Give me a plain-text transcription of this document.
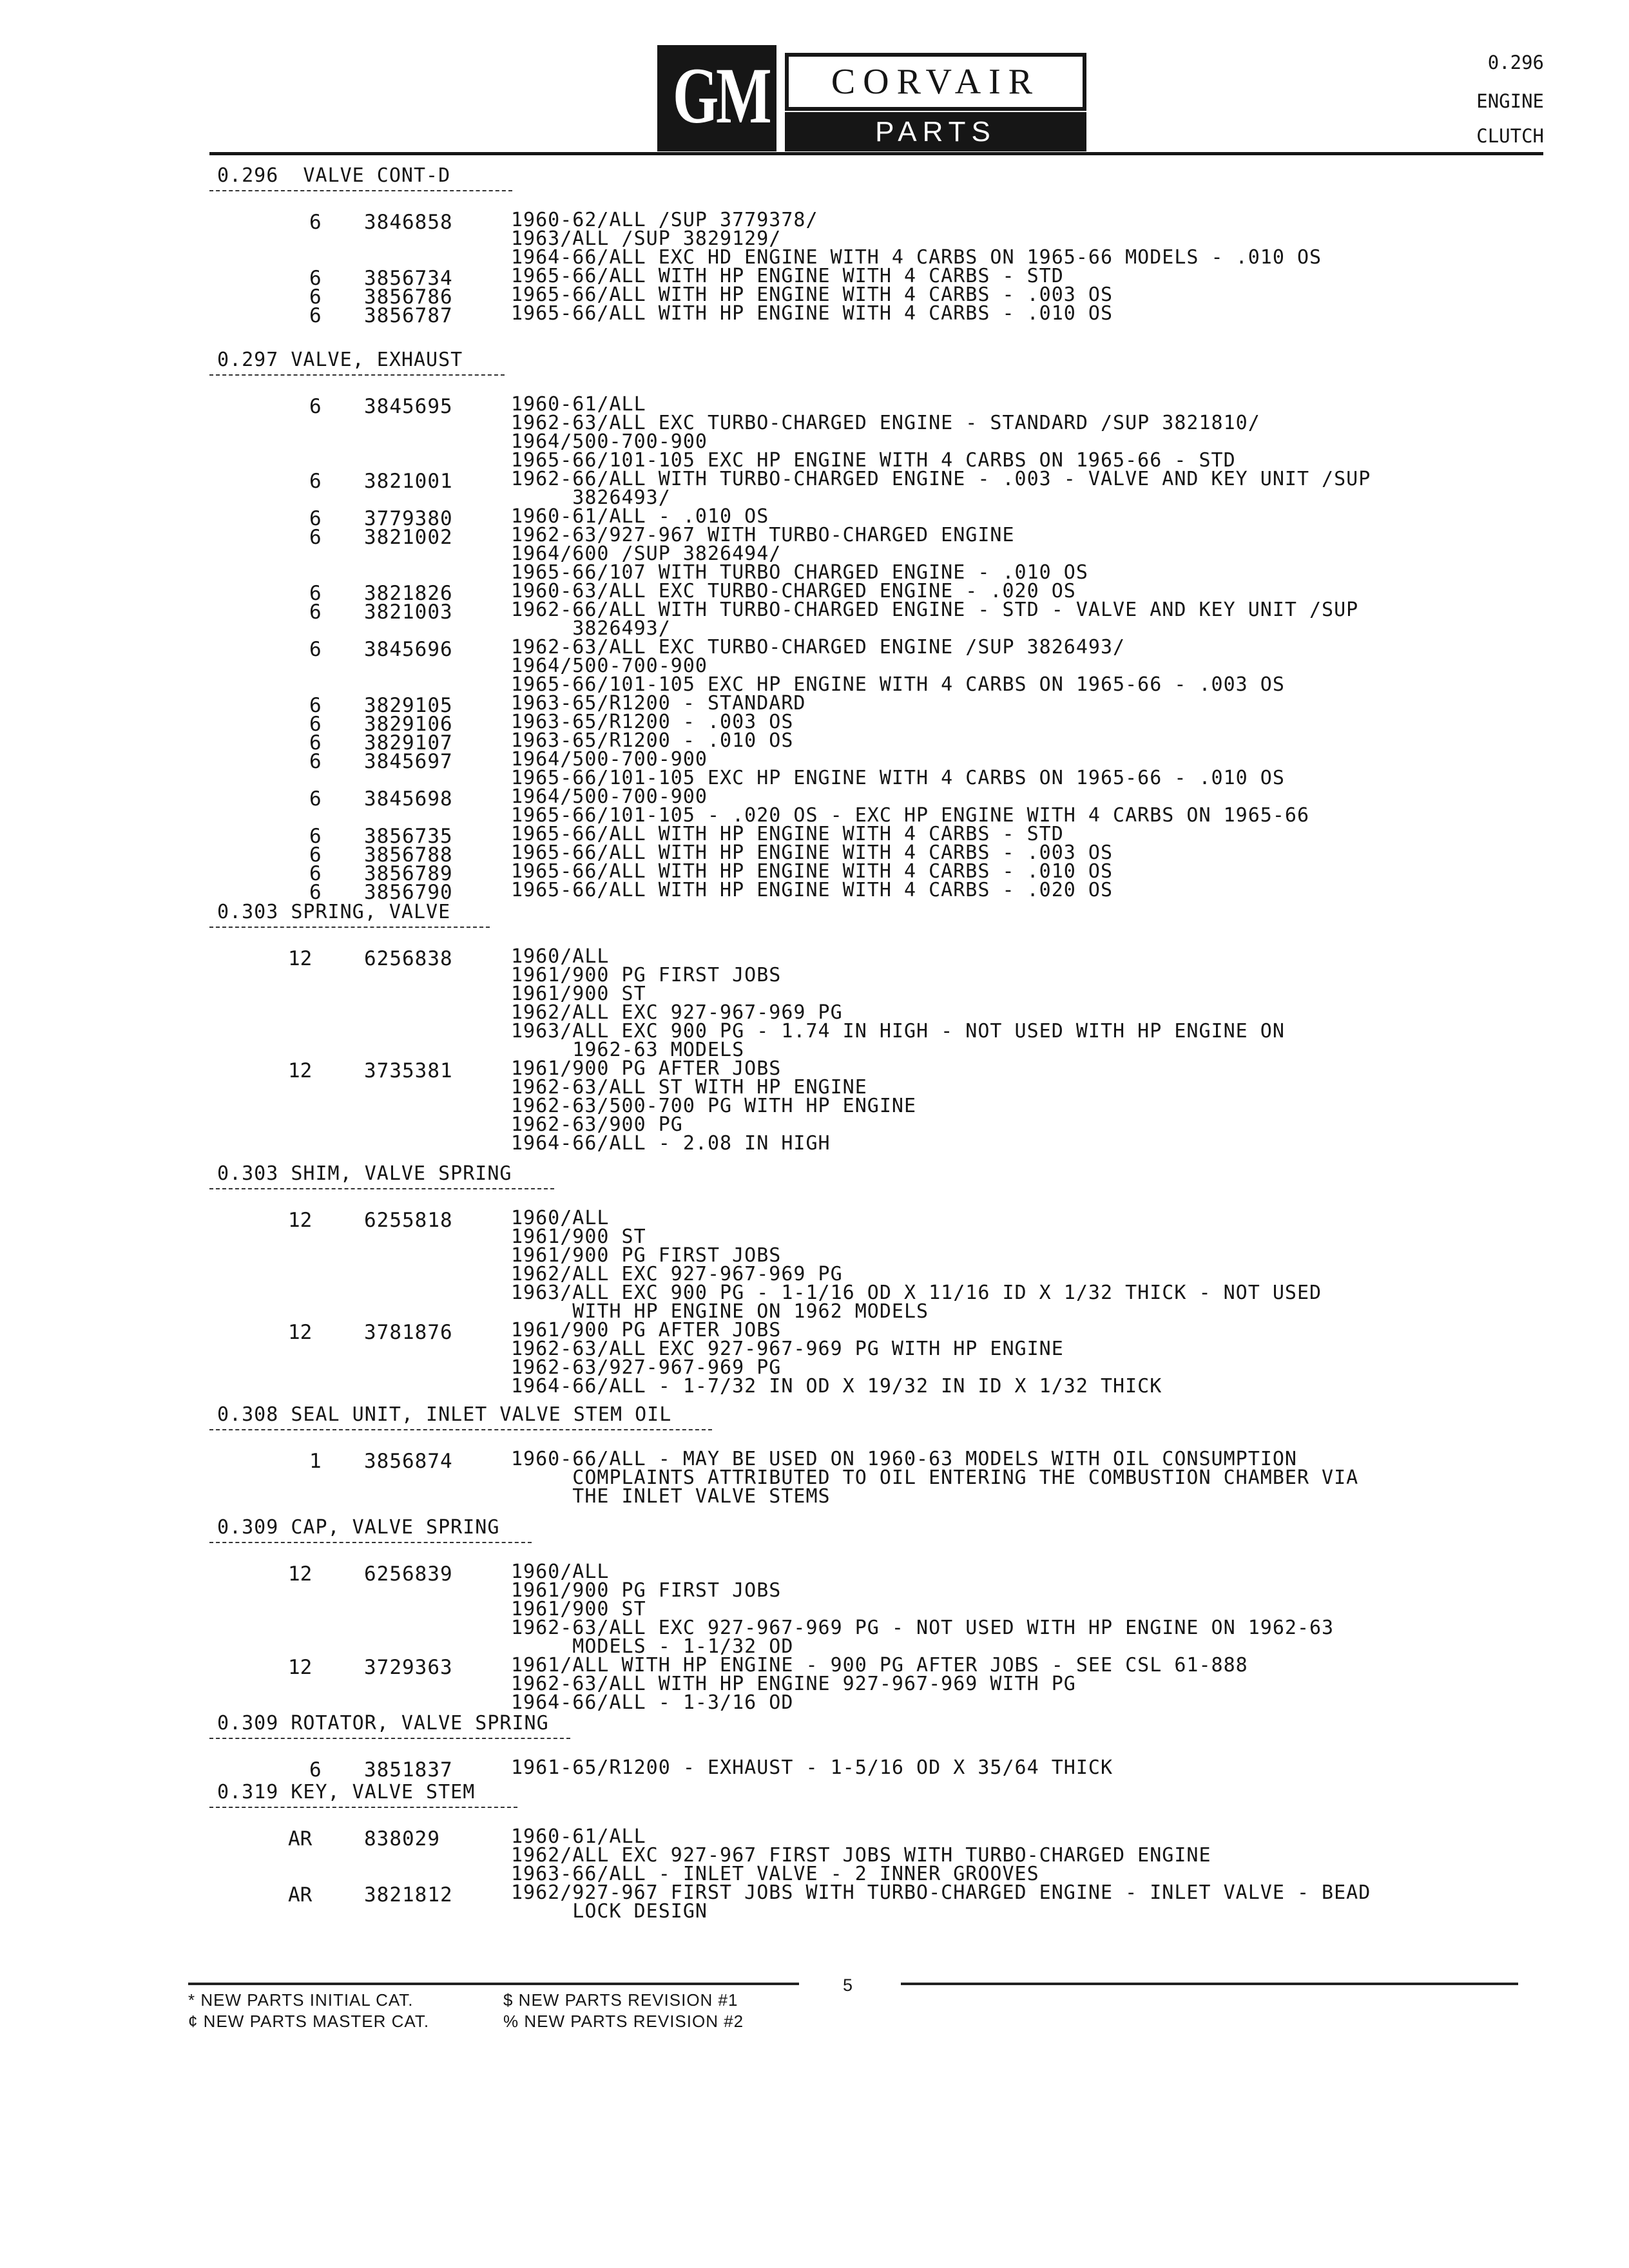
GM	CORVAIR
PARTS CATALOGUE
0.296
ENGINE
CLUTCH
0.296  VALVE CONT-D
6 3846858	1960-62/ALL /SUP 3779378/
1963/ALL /SUP 3829129/
1964-66/ALL EXC HD ENGINE WITH 4 CARBS ON 1965-66 MODELS - .010 OS
6 3856734	1965-66/ALL WITH HP ENGINE WITH 4 CARBS - STD
6 3856786	1965-66/ALL WITH HP ENGINE WITH 4 CARBS - .003 OS
6 3856787	1965-66/ALL WITH HP ENGINE WITH 4 CARBS - .010 OS
0.297 VALVE, EXHAUST
6 3845695	1960-61/ALL
1962-63/ALL EXC TURBO-CHARGED ENGINE - STANDARD /SUP 3821810/
1964/500-700-900
1965-66/101-105 EXC HP ENGINE WITH 4 CARBS ON 1965-66 - STD
6 3821001	1962-66/ALL WITH TURBO-CHARGED ENGINE - .003 - VALVE AND KEY UNIT /SUP
3826493/
6 3779380	1960-61/ALL - .010 OS
6 3821002	1962-63/927-967 WITH TURBO-CHARGED ENGINE
1964/600 /SUP 3826494/
1965-66/107 WITH TURBO CHARGED ENGINE - .010 OS
6 3821826	1960-63/ALL EXC TURBO-CHARGED ENGINE - .020 OS
6 3821003	1962-66/ALL WITH TURBO-CHARGED ENGINE - STD - VALVE AND KEY UNIT /SUP
3826493/
6 3845696	1962-63/ALL EXC TURBO-CHARGED ENGINE /SUP 3826493/
1964/500-700-900
1965-66/101-105 EXC HP ENGINE WITH 4 CARBS ON 1965-66 - .003 OS
6 3829105	1963-65/R1200 - STANDARD
6 3829106	1963-65/R1200 - .003 OS
6 3829107	1963-65/R1200 - .010 OS
6 3845697	1964/500-700-900
1965-66/101-105 EXC HP ENGINE WITH 4 CARBS ON 1965-66 - .010 OS
6 3845698	1964/500-700-900
1965-66/101-105 - .020 OS - EXC HP ENGINE WITH 4 CARBS ON 1965-66
6 3856735	1965-66/ALL WITH HP ENGINE WITH 4 CARBS - STD
6 3856788	1965-66/ALL WITH HP ENGINE WITH 4 CARBS - .003 OS
6 3856789	1965-66/ALL WITH HP ENGINE WITH 4 CARBS - .010 OS
6 3856790	1965-66/ALL WITH HP ENGINE WITH 4 CARBS - .020 OS
0.303 SPRING, VALVE
12	6256838	1960/ALL
1961/900 PG FIRST JOBS
1961/900 ST
1962/ALL EXC 927-967-969 PG
1963/ALL EXC 900 PG - 1.74 IN HIGH - NOT USED WITH HP ENGINE ON
1962-63 MODELS
12	3735381	1961/900 PG AFTER JOBS
1962-63/ALL ST WITH HP ENGINE
1962-63/500-700 PG WITH HP ENGINE
1962-63/900 PG
1964-66/ALL - 2.08 IN HIGH
0.303 SHIM, VALVE SPRING
12	6255818	1960/ALL
1961/900 ST
1961/900 PG FIRST JOBS
1962/ALL EXC 927-967-969 PG
1963/ALL EXC 900 PG - 1-1/16 OD X 11/16 ID X 1/32 THICK - NOT USED
WITH HP ENGINE ON 1962 MODELS
12	3781876	1961/900 PG AFTER JOBS
1962-63/ALL EXC 927-967-969 PG WITH HP ENGINE
1962-63/927-967-969 PG
1964-66/ALL - 1-7/32 IN OD X 19/32 IN ID X 1/32 THICK
0.308 SEAL UNIT, INLET VALVE STEM OIL
1 3856874	1960-66/ALL - MAY BE USED ON 1960-63 MODELS WITH OIL CONSUMPTION
COMPLAINTS ATTRIBUTED TO OIL ENTERING THE COMBUSTION CHAMBER VIA
THE INLET VALVE STEMS
0.309 CAP, VALVE SPRING
12	6256839	1960/ALL
1961/900 PG FIRST JOBS
1961/900 ST
1962-63/ALL EXC 927-967-969 PG - NOT USED WITH HP ENGINE ON 1962-63
MODELS - 1-1/32 OD
12	3729363	1961/ALL WITH HP ENGINE - 900 PG AFTER JOBS - SEE CSL 61-888
1962-63/ALL WITH HP ENGINE 927-967-969 WITH PG
1964-66/ALL - 1-3/16 OD
0.309 ROTATOR, VALVE SPRING
6 3851837	1961-65/R1200 - EXHAUST - 1-5/16 OD X 35/64 THICK
0.319 KEY, VALVE STEM
AR	838029	1960-61/ALL
1962/ALL EXC 927-967 FIRST JOBS WITH TURBO-CHARGED ENGINE
1963-66/ALL - INLET VALVE - 2 INNER GROOVES
AR	3821812	1962/927-967 FIRST JOBS WITH TURBO-CHARGED ENGINE - INLET VALVE - BEAD
LOCK DESIGN
5
* NEW PARTS INITIAL CAT.
¢ NEW PARTS MASTER CAT.
$ NEW PARTS REVISION #1
% NEW PARTS REVISION #2
